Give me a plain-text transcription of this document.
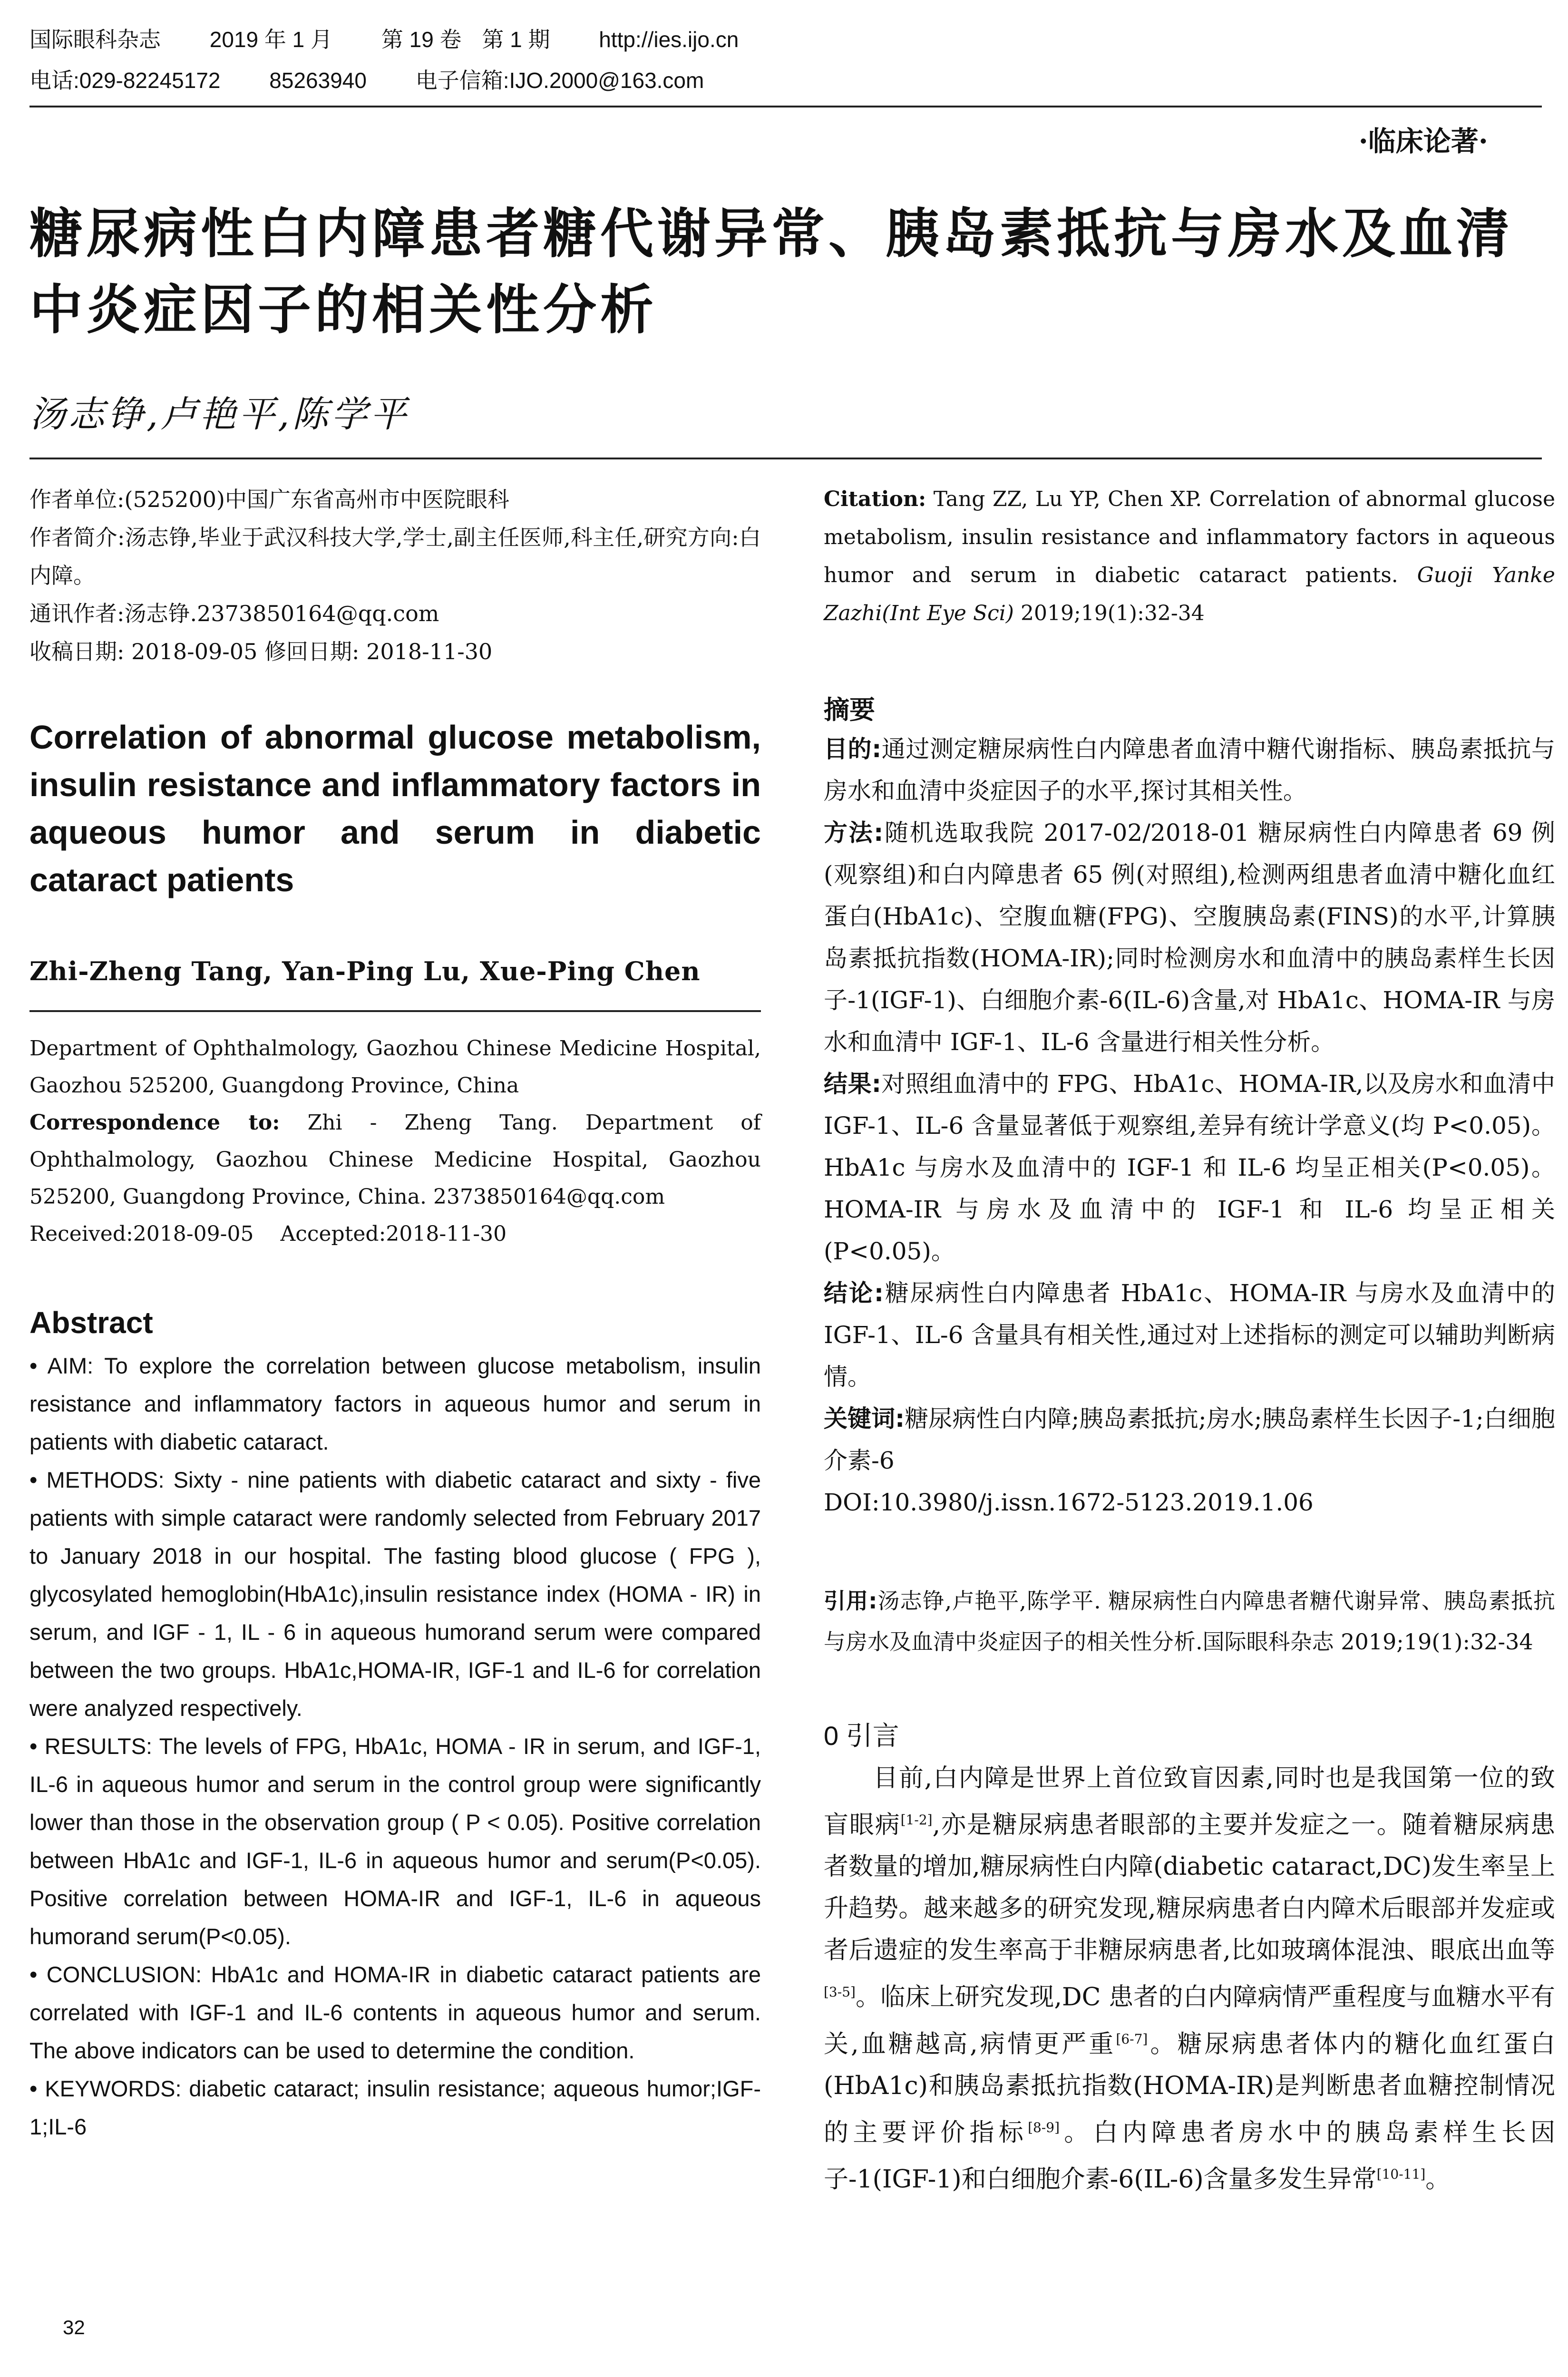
国际眼科杂志 2019 年 1 月 第 19 卷 第 1 期 http://ies.ijo.cn
电话:029-82245172 85263940 电子信箱:IJO.2000@163.com
·临床论著·
糖尿病性白内障患者糖代谢异常、胰岛素抵抗与房水及血清中炎症因子的相关性分析
汤志铮,卢艳平,陈学平

作者单位:(525200)中国广东省高州市中医院眼科

作者简介:汤志铮,毕业于武汉科技大学,学士,副主任医师,科主任,研究方向:白内障。

通讯作者:汤志铮.2373850164@qq.com

收稿日期: 2018-09-05 修回日期: 2018-11-30

Correlation of abnormal glucose metabolism, insulin resistance and inflammatory factors in aqueous humor and serum in diabetic cataract patients
Zhi-Zheng Tang, Yan-Ping Lu, Xue-Ping Chen

Department of Ophthalmology, Gaozhou Chinese Medicine Hospital, Gaozhou 525200, Guangdong Province, China

Correspondence to: Zhi - Zheng Tang. Department of Ophthalmology, Gaozhou Chinese Medicine Hospital, Gaozhou 525200, Guangdong Province, China. 2373850164@qq.com

Received:2018-09-05    Accepted:2018-11-30

Abstract

• AIM: To explore the correlation between glucose metabolism, insulin resistance and inflammatory factors in aqueous humor and serum in patients with diabetic cataract.

• METHODS: Sixty - nine patients with diabetic cataract and sixty - five patients with simple cataract were randomly selected from February 2017 to January 2018 in our hospital. The fasting blood glucose ( FPG ), glycosylated hemoglobin(HbA1c),insulin resistance index (HOMA - IR) in serum, and IGF - 1, IL - 6 in aqueous humorand serum were compared between the two groups. HbA1c,HOMA-IR, IGF-1 and IL-6 for correlation were analyzed respectively.

• RESULTS: The levels of FPG, HbA1c, HOMA - IR in serum, and IGF-1, IL-6 in aqueous humor and serum in the control group were significantly lower than those in the observation group ( P < 0.05). Positive correlation between HbA1c and IGF-1, IL-6 in aqueous humor and serum(P<0.05). Positive correlation between HOMA-IR and IGF-1, IL-6 in aqueous humorand serum(P<0.05).

• CONCLUSION: HbA1c and HOMA-IR in diabetic cataract patients are correlated with IGF-1 and IL-6 contents in aqueous humor and serum. The above indicators can be used to determine the condition.

• KEYWORDS: diabetic cataract; insulin resistance; aqueous humor;IGF-1;IL-6

Citation: Tang ZZ, Lu YP, Chen XP. Correlation of abnormal glucose metabolism, insulin resistance and inflammatory factors in aqueous humor and serum in diabetic cataract patients. Guoji Yanke Zazhi(Int Eye Sci) 2019;19(1):32-34

摘要

目的:通过测定糖尿病性白内障患者血清中糖代谢指标、胰岛素抵抗与房水和血清中炎症因子的水平,探讨其相关性。

方法:随机选取我院 2017-02/2018-01 糖尿病性白内障患者 69 例(观察组)和白内障患者 65 例(对照组),检测两组患者血清中糖化血红蛋白(HbA1c)、空腹血糖(FPG)、空腹胰岛素(FINS)的水平,计算胰岛素抵抗指数(HOMA-IR);同时检测房水和血清中的胰岛素样生长因子-1(IGF-1)、白细胞介素-6(IL-6)含量,对 HbA1c、HOMA-IR 与房水和血清中 IGF-1、IL-6 含量进行相关性分析。

结果:对照组血清中的 FPG、HbA1c、HOMA-IR,以及房水和血清中 IGF-1、IL-6 含量显著低于观察组,差异有统计学意义(均 P<0.05)。HbA1c 与房水及血清中的 IGF-1 和 IL-6 均呈正相关(P<0.05)。HOMA-IR 与房水及血清中的 IGF-1 和 IL-6 均呈正相关(P<0.05)。

结论:糖尿病性白内障患者 HbA1c、HOMA-IR 与房水及血清中的 IGF-1、IL-6 含量具有相关性,通过对上述指标的测定可以辅助判断病情。

关键词:糖尿病性白内障;胰岛素抵抗;房水;胰岛素样生长因子-1;白细胞介素-6

DOI:10.3980/j.issn.1672-5123.2019.1.06

引用:汤志铮,卢艳平,陈学平. 糖尿病性白内障患者糖代谢异常、胰岛素抵抗与房水及血清中炎症因子的相关性分析.国际眼科杂志 2019;19(1):32-34

0 引言

目前,白内障是世界上首位致盲因素,同时也是我国第一位的致盲眼病[1-2],亦是糖尿病患者眼部的主要并发症之一。随着糖尿病患者数量的增加,糖尿病性白内障(diabetic cataract,DC)发生率呈上升趋势。越来越多的研究发现,糖尿病患者白内障术后眼部并发症或者后遗症的发生率高于非糖尿病患者,比如玻璃体混浊、眼底出血等[3-5]。临床上研究发现,DC 患者的白内障病情严重程度与血糖水平有关,血糖越高,病情更严重[6-7]。糖尿病患者体内的糖化血红蛋白(HbA1c)和胰岛素抵抗指数(HOMA-IR)是判断患者血糖控制情况的主要评价指标[8-9]。白内障患者房水中的胰岛素样生长因子-1(IGF-1)和白细胞介素-6(IL-6)含量多发生异常[10-11]。

32
